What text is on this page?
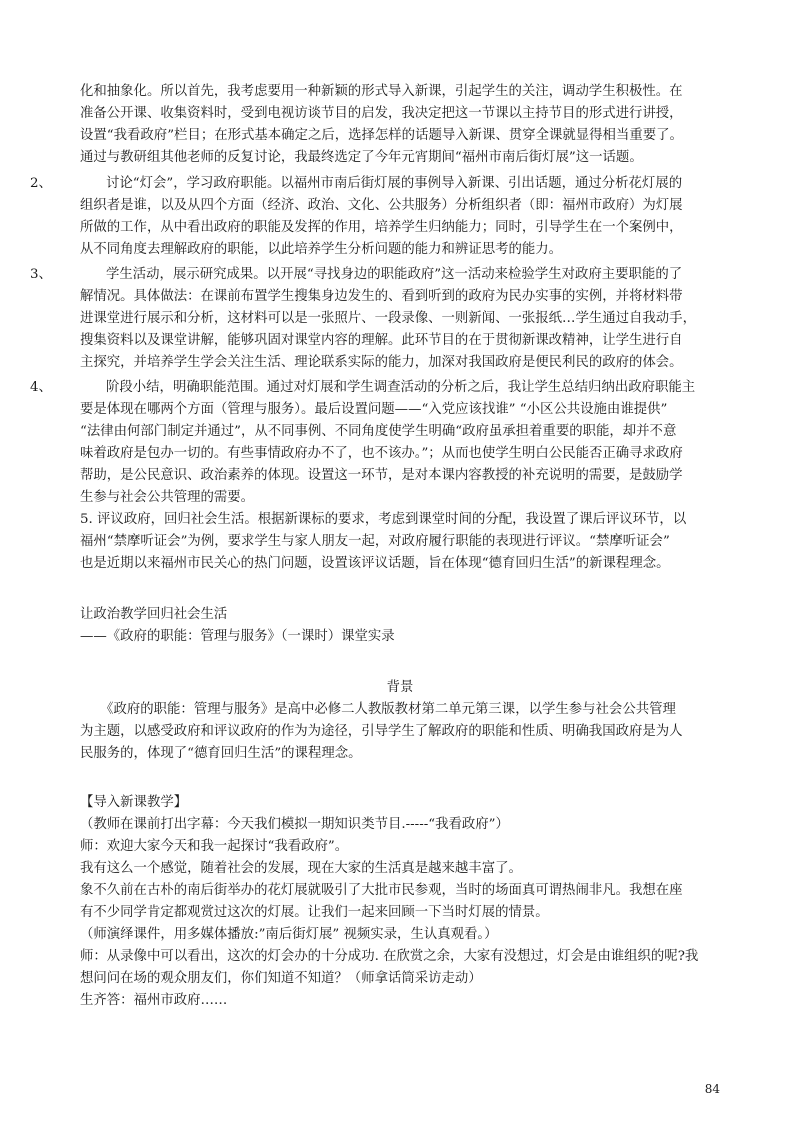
化和抽象化。所以首先，我考虑要用一种新颖的形式导入新课，引起学生的关注，调动学生积极性。在
准备公开课、收集资料时，受到电视访谈节目的启发，我决定把这一节课以主持节目的形式进行讲授，
设置“我看政府”栏目；在形式基本确定之后，选择怎样的话题导入新课、贯穿全课就显得相当重要了。
通过与教研组其他老师的反复讨论，我最终选定了今年元宵期间“福州市南后街灯展”这一话题。
2、	讨论“灯会”，学习政府职能。以福州市南后街灯展的事例导入新课、引出话题，通过分析花灯展的
组织者是谁，以及从四个方面（经济、政治、文化、公共服务）分析组织者（即：福州市政府）为灯展
所做的工作，从中看出政府的职能及发挥的作用，培养学生归纳能力；同时，引导学生在一个案例中，
从不同角度去理解政府的职能，以此培养学生分析问题的能力和辨证思考的能力。
3、	学生活动，展示研究成果。以开展“寻找身边的职能政府”这一活动来检验学生对政府主要职能的了
解情况。具体做法：在课前布置学生搜集身边发生的、看到听到的政府为民办实事的实例，并将材料带
进课堂进行展示和分析，这材料可以是一张照片、一段录像、一则新闻、一张报纸…学生通过自我动手，
搜集资料以及课堂讲解，能够巩固对课堂内容的理解。此环节目的在于贯彻新课改精神，让学生进行自
主探究，并培养学生学会关注生活、理论联系实际的能力，加深对我国政府是便民利民的政府的体会。
4、	阶段小结，明确职能范围。通过对灯展和学生调查活动的分析之后，我让学生总结归纳出政府职能主
要是体现在哪两个方面（管理与服务）。最后设置问题——“入党应该找谁” “小区公共设施由谁提供”
“法律由何部门制定并通过”，从不同事例、不同角度使学生明确“政府虽承担着重要的职能，却并不意
味着政府是包办一切的。有些事情政府办不了，也不该办。”；从而也使学生明白公民能否正确寻求政府
帮助，是公民意识、政治素养的体现。设置这一环节，是对本课内容教授的补充说明的需要，是鼓励学
生参与社会公共管理的需要。
5. 评议政府，回归社会生活。根据新课标的要求，考虑到课堂时间的分配，我设置了课后评议环节，以
福州“禁摩听证会”为例，要求学生与家人朋友一起，对政府履行职能的表现进行评议。“禁摩听证会”
也是近期以来福州市民关心的热门问题，设置该评议话题，旨在体现“德育回归生活”的新课程理念。
让政治教学回归社会生活
——《政府的职能：管理与服务》（一课时）课堂实录
背景
　　《政府的职能：管理与服务》是高中必修二人教版教材第二单元第三课，以学生参与社会公共管理
为主题，以感受政府和评议政府的作为为途径，引导学生了解政府的职能和性质、明确我国政府是为人
民服务的，体现了“德育回归生活”的课程理念。
【导入新课教学】
（教师在课前打出字幕：今天我们模拟一期知识类节目.-----“我看政府”）
师：欢迎大家今天和我一起探讨“我看政府”。
我有这么一个感觉，随着社会的发展，现在大家的生活真是越来越丰富了。
象不久前在古朴的南后街举办的花灯展就吸引了大批市民参观，当时的场面真可谓热闹非凡。我想在座
有不少同学肯定都观赏过这次的灯展。让我们一起来回顾一下当时灯展的情景。
（师演绎课件，用多媒体播放:”南后街灯展” 视频实录，生认真观看。）
师：从录像中可以看出，这次的灯会办的十分成功. 在欣赏之余，大家有没想过，灯会是由谁组织的呢?我
想问问在场的观众朋友们，你们知道不知道？（师拿话筒采访走动）
生齐答：福州市政府……
84
